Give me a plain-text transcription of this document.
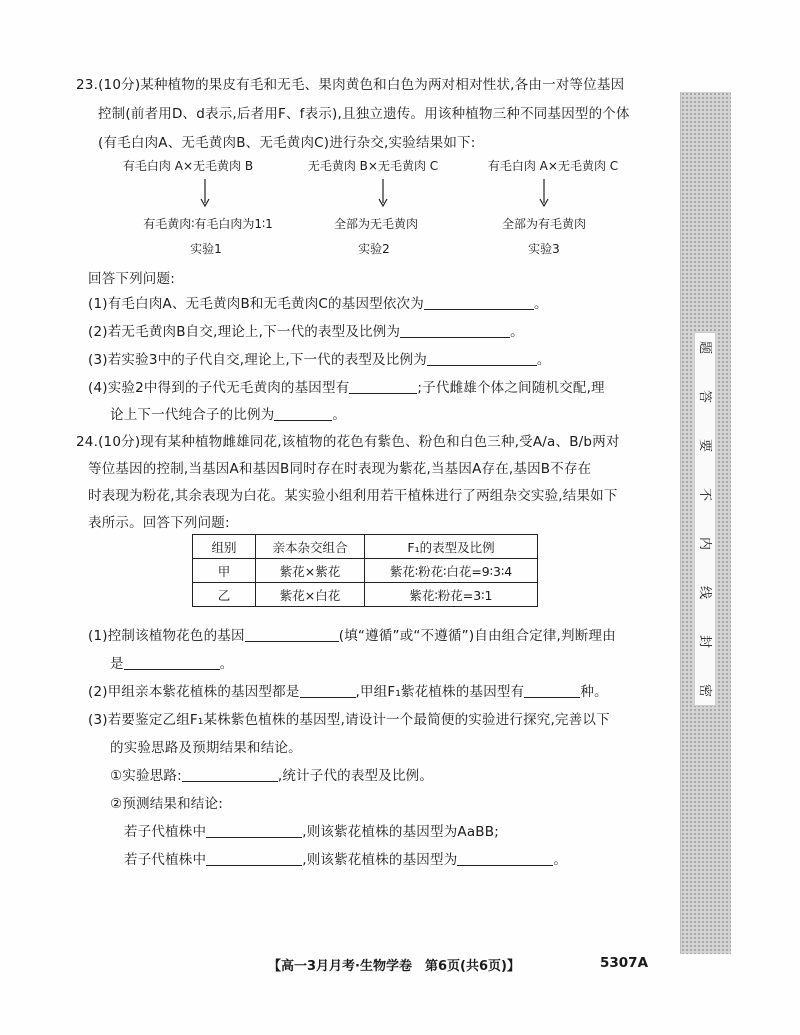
23.(10分)某种植物的果皮有毛和无毛、果肉黄色和白色为两对相对性状,各由一对等位基因
控制(前者用D、d表示,后者用F、f表示),且独立遗传。用该种植物三种不同基因型的个体
(有毛白肉A、无毛黄肉B、无毛黄肉C)进行杂交,实验结果如下:
有毛白肉 A×无毛黄肉 B	无毛黄肉 B×无毛黄肉 C	有毛白肉 A×无毛黄肉 C
有毛黄肉∶有毛白肉为1∶1	全部为无毛黄肉	全部为有毛黄肉
实验1	实验2	实验3
回答下列问题:
(1)有毛白肉A、无毛黄肉B和无毛黄肉C的基因型依次为	。
(2)若无毛黄肉B自交,理论上,下一代的表型及比例为	。
(3)若实验3中的子代自交,理论上,下一代的表型及比例为	。
(4)实验2中得到的子代无毛黄肉的基因型有	;子代雌雄个体之间随机交配,理
论上下一代纯合子的比例为	。
24.(10分)现有某种植物雌雄同花,该植物的花色有紫色、粉色和白色三种,受A/a、B/b两对
等位基因的控制,当基因A和基因B同时存在时表现为紫花,当基因A存在,基因B不存在
时表现为粉花,其余表现为白花。某实验小组利用若干植株进行了两组杂交实验,结果如下
表所示。回答下列问题:
组别	亲本杂交组合	F₁的表型及比例
甲	紫花×紫花	紫花∶粉花∶白花=9∶3∶4
乙	紫花×白花	紫花∶粉花=3∶1
(1)控制该植物花色的基因	(填“遵循”或“不遵循”)自由组合定律,判断理由
是	。
(2)甲组亲本紫花植株的基因型都是	,甲组F₁紫花植株的基因型有	种。
(3)若要鉴定乙组F₁某株紫色植株的基因型,请设计一个最简便的实验进行探究,完善以下
的实验思路及预期结果和结论。
①实验思路:	,统计子代的表型及比例。
②预测结果和结论:
若子代植株中	,则该紫花植株的基因型为AaBB;
若子代植株中	,则该紫花植株的基因型为	。
题
答
要
不
内
线
封
密
【高一3月月考·生物学卷　第6页(共6页)】	5307A
